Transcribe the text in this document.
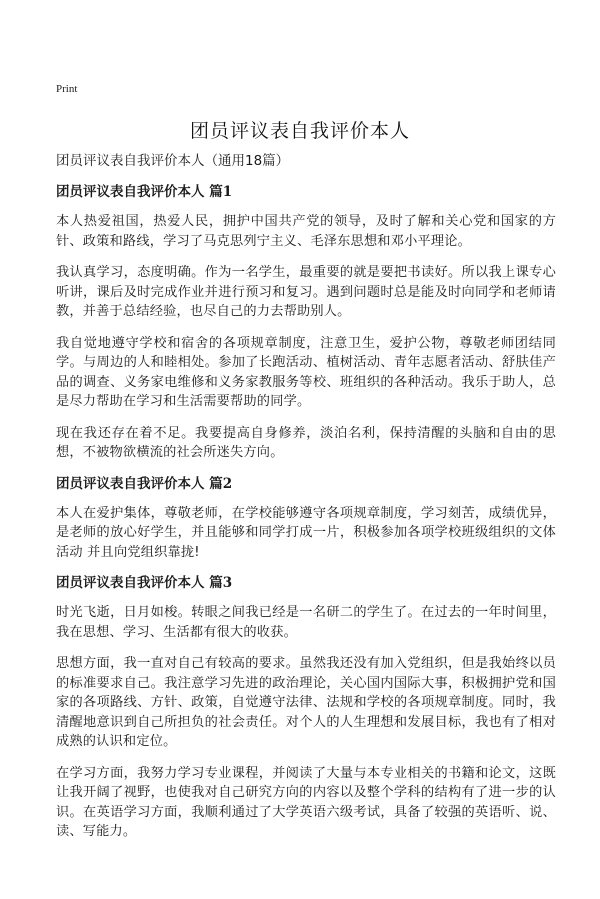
Print
团员评议表自我评价本人

团员评议表自我评价本人（通用18篇）

团员评议表自我评价本人 篇1

本人热爱祖国，热爱人民，拥护中国共产党的领导，及时了解和关心党和国家的方针、政策和路线，学习了马克思列宁主义、毛泽东思想和邓小平理论。

我认真学习，态度明确。作为一名学生，最重要的就是要把书读好。所以我上课专心听讲，课后及时完成作业并进行预习和复习。遇到问题时总是能及时向同学和老师请教，并善于总结经验，也尽自己的力去帮助别人。

我自觉地遵守学校和宿舍的各项规章制度，注意卫生，爱护公物，尊敬老师团结同学。与周边的人和睦相处。参加了长跑活动、植树活动、青年志愿者活动、舒肤佳产品的调查、义务家电维修和义务家教服务等校、班组织的各种活动。我乐于助人，总是尽力帮助在学习和生活需要帮助的同学。

现在我还存在着不足。我要提高自身修养，淡泊名利，保持清醒的头脑和自由的思想，不被物欲横流的社会所迷失方向。

团员评议表自我评价本人 篇2

本人在爱护集体，尊敬老师，在学校能够遵守各项规章制度，学习刻苦，成绩优异，是老师的放心好学生，并且能够和同学打成一片，积极参加各项学校班级组织的文体活动 并且向党组织靠拢!

团员评议表自我评价本人 篇3

时光飞逝，日月如梭。转眼之间我已经是一名研二的学生了。在过去的一年时间里，我在思想、学习、生活都有很大的收获。

思想方面，我一直对自己有较高的要求。虽然我还没有加入党组织，但是我始终以员的标准要求自己。我注意学习先进的政治理论，关心国内国际大事，积极拥护党和国家的各项路线、方针、政策，自觉遵守法律、法规和学校的各项规章制度。同时，我清醒地意识到自己所担负的社会责任。对个人的人生理想和发展目标，我也有了相对成熟的认识和定位。

在学习方面，我努力学习专业课程，并阅读了大量与本专业相关的书籍和论文，这既让我开阔了视野，也使我对自己研究方向的内容以及整个学科的结构有了进一步的认识。在英语学习方面，我顺利通过了大学英语六级考试，具备了较强的英语听、说、读、写能力。
